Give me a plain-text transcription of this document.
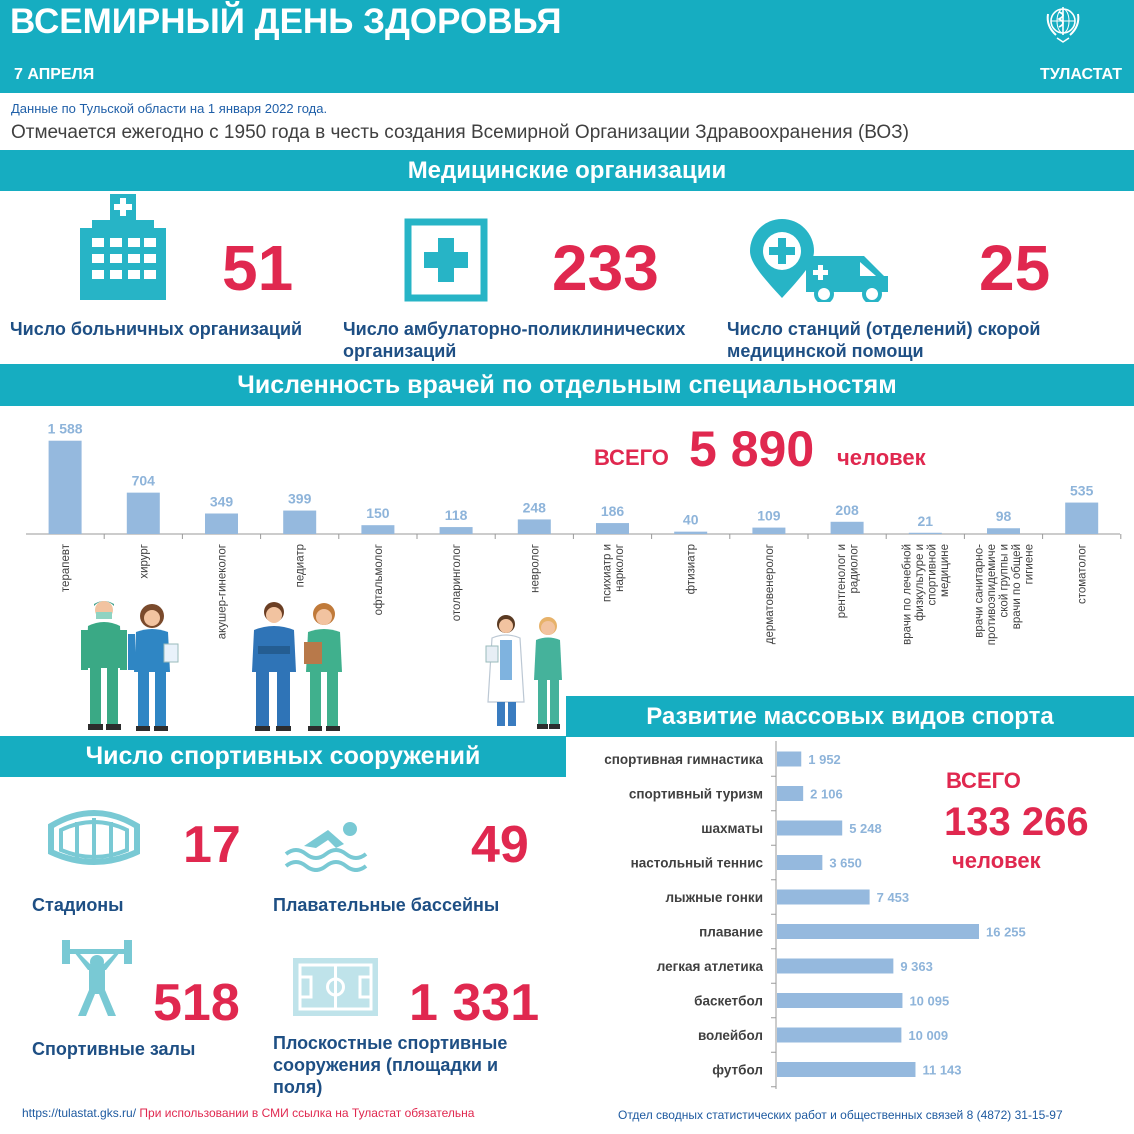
ВСЕМИРНЫЙ ДЕНЬ ЗДОРОВЬЯ
7 АПРЕЛЯ	ТУЛАСТАТ
Данные по Тульской области на 1 января 2022 года.
Отмечается ежегодно с 1950 года в честь создания Всемирной Организации Здравоохранения (ВОЗ)
Медицинские организации
51
Число больничных организаций
233
Число амбулаторно-поликлинических организаций
25
Число станций (отделений) скорой медицинской помощи
Численность врачей по отдельным специальностям
ВСЕГО 5 890 человек
1 588
терапевт
704
хирург
349
акушер-гинеколог
399
педиатр
150
офтальмолог
118
отоларинголог
248
невролог
186
психиатр и нарколог
40
фтизиатр
109
дерматовенеролог
208
рентгенолог и радиолог
21
врачи по лечебной физкультуре и спортивной медицине
98
врачи санитарно- противоэпидемиче ской группы и врачи по общей гигиене
535
стоматолог
Число спортивных сооружений
17
Стадионы
49
Плавательные бассейны
518
Спортивные залы
1 331
Плоскостные спортивные сооружения (площадки и поля)
Развитие массовых видов спорта
спортивная гимнастика	1 952
спортивный туризм	2 106
шахматы	5 248
настольный теннис	3 650
лыжные гонки	7 453
плавание	16 255
легкая атлетика	9 363
баскетбол	10 095
волейбол	10 009
футбол	11 143
ВСЕГО
133 266
человек
https://tulastat.gks.ru/ При использовании в СМИ ссылка на Туластат обязательна	Отдел сводных статистических работ и общественных связей 8 (4872) 31-15-97
